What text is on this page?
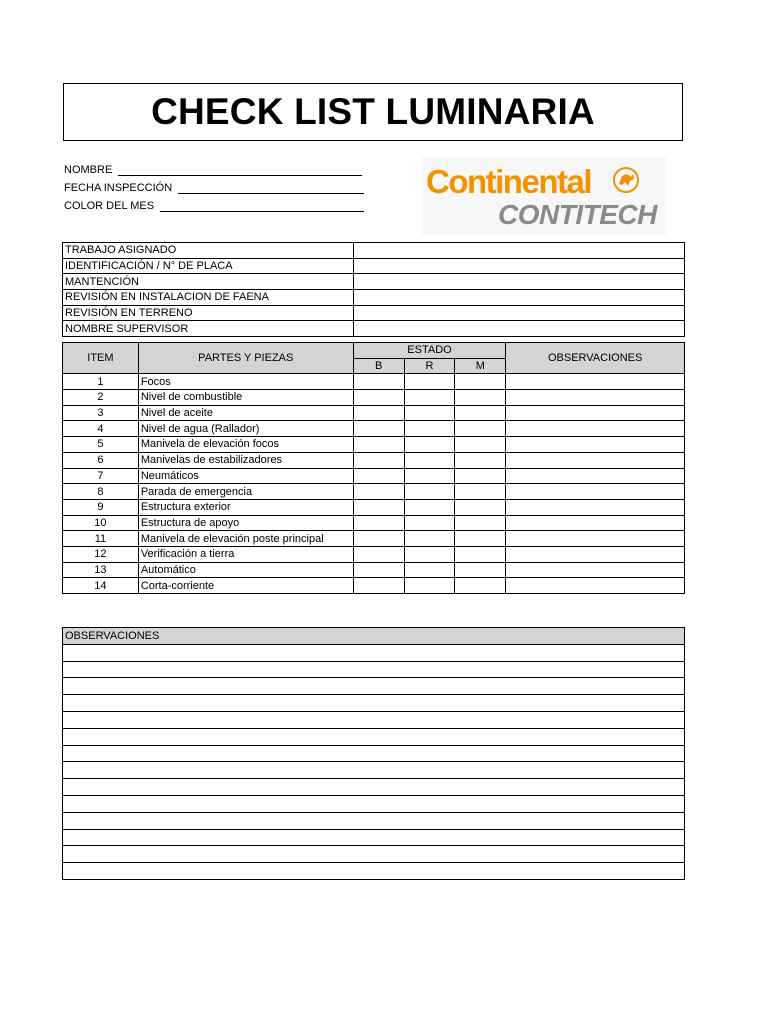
CHECK LIST LUMINARIA
NOMBRE
FECHA INSPECCIÓN
COLOR DEL MES
Continental
CONTITECH
TRABAJO ASIGNADO	
IDENTIFICACIÓN / N° DE PLACA	
MANTENCIÓN	
REVISIÓN EN INSTALACION DE FAENA	
REVISIÓN EN TERRENO	
NOMBRE SUPERVISOR	
ITEM	PARTES Y PIEZAS	ESTADO			OBSERVACIONES
		B	R	M	
1	Focos				
2	Nivel de combustible				
3	Nivel de aceite				
4	Nivel de agua (Rallador)				
5	Manivela de elevación focos				
6	Manivelas de estabilizadores				
7	Neumáticos				
8	Parada de emergencia				
9	Estructura exterior				
10	Estructura de apoyo				
11	Manivela de elevación poste principal				
12	Verificación a tierra				
13	Automático				
14	Corta-corriente				
OBSERVACIONES
